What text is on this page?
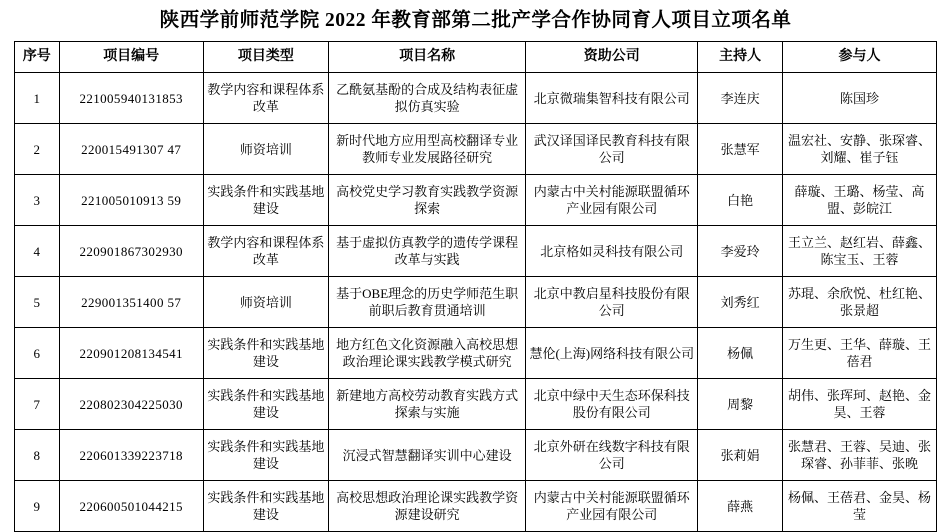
陕西学前师范学院 2022 年教育部第二批产学合作协同育人项目立项名单
序号	项目编号	项目类型	项目名称	资助公司	主持人	参与人
1	221005940131853	教学内容和课程体系改革	乙酰氨基酚的合成及结构表征虚拟仿真实验	北京微瑞集智科技有限公司	李连庆	陈国珍
2	220015491307 47	师资培训	新时代地方应用型高校翻译专业教师专业发展路径研究	武汉译国译民教育科技有限公司	张慧军	温宏社、安静、张琛睿、刘耀、崔子钰
3	221005010913 59	实践条件和实践基地建设	高校党史学习教育实践教学资源探索	内蒙古中关村能源联盟循环产业园有限公司	白艳	薛璇、王璐、杨莹、高盟、彭皖江
4	220901867302930	教学内容和课程体系改革	基于虚拟仿真教学的遗传学课程改革与实践	北京格如灵科技有限公司	李爱玲	王立兰、赵红岩、薛鑫、陈宝玉、王蓉
5	229001351400 57	师资培训	基于OBE理念的历史学师范生职前职后教育贯通培训	北京中教启星科技股份有限公司	刘秀红	苏琨、余欣悦、杜红艳、张景超
6	220901208134541	实践条件和实践基地建设	地方红色文化资源融入高校思想政治理论课实践教学模式研究	慧伦(上海)网络科技有限公司	杨佩	万生更、王华、薛璇、王蓓君
7	220802304225030	实践条件和实践基地建设	新建地方高校劳动教育实践方式探索与实施	北京中绿中天生态环保科技股份有限公司	周黎	胡伟、张珲珂、赵艳、金昊、王蓉
8	220601339223718	实践条件和实践基地建设	沉浸式智慧翻译实训中心建设	北京外研在线数字科技有限公司	张莉娟	张慧君、王蓉、吴迪、张琛睿、孙菲菲、张晚
9	220600501044215	实践条件和实践基地建设	高校思想政治理论课实践教学资源建设研究	内蒙古中关村能源联盟循环产业园有限公司	薛燕	杨佩、王蓓君、金昊、杨莹
